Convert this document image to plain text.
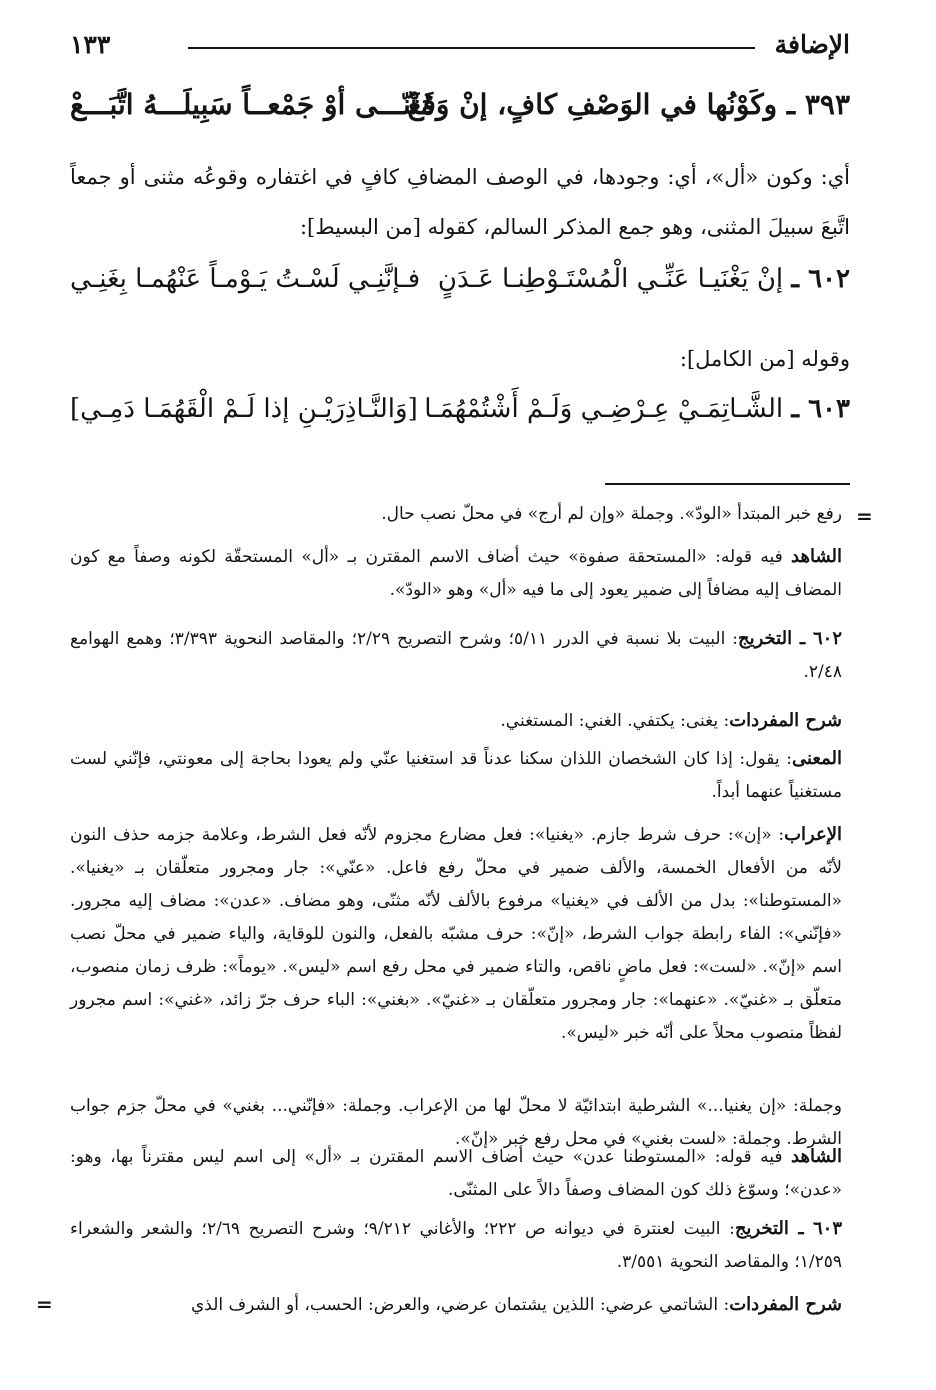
الإضافة
١٣٣
٣٩٣ ـ وكَوْنُها في الوَصْفِ كافٍ، إنْ وَقَعْ
مُثَنّـــى أوْ جَمْعــاً سَبِيلَـــهُ اتَّبَـــعْ
أي: وكون «أل»، أي: وجودها، في الوصف المضافِ كافٍ في اغتفاره وقوعُه مثنى أو جمعاً اتَّبعَ سبيلَ المثنى، وهو جمع المذكر السالم، كقوله [من البسيط]:
٦٠٢ ـ إنْ يَغْنَيـا عَنِّـي الْمُسْتَـوْطِنـا عَـدَنٍ
فـإنَّنِـي لَسْـتُ يَـوْمـاً عَنْهُمـا بِغَنِـي
وقوله [من الكامل]:
٦٠٣ ـ الشَّـاتِمَـيْ عِـرْضِـي وَلَـمْ أَشْتُمْهُمَـا
[وَالنَّـاذِرَيْـنِ إذا لَـمْ الْقَهُمَـا دَمِـي]
=
رفع خبر المبتدأ «الودّ». وجملة «وإن لم أرج» في محلّ نصب حال.
الشاهد فيه قوله: «المستحقة صفوة» حيث أضاف الاسم المقترن بـ «أل» المستحقّة لكونه وصفاً مع كون المضاف إليه مضافاً إلى ضمير يعود إلى ما فيه «أل» وهو «الودّ».
٦٠٢ ـ التخريج: البيت بلا نسبة في الدرر ٥/١١؛ وشرح التصريح ٢/٢٩؛ والمقاصد النحوية ٣/٣٩٣؛ وهمع الهوامع ٢/٤٨.
شرح المفردات: يغنى: يكتفي. الغني: المستغني.
المعنى: يقول: إذا كان الشخصان اللذان سكنا عدناً قد استغنيا عنّي ولم يعودا بحاجة إلى معونتي، فإنّني لست مستغنياً عنهما أبداً.
الإعراب: «إن»: حرف شرط جازم. «يغنيا»: فعل مضارع مجزوم لأنّه فعل الشرط، وعلامة جزمه حذف النون لأنّه من الأفعال الخمسة، والألف ضمير في محلّ رفع فاعل. «عنّي»: جار ومجرور متعلّقان بـ «يغنيا». «المستوطنا»: بدل من الألف في «يغنيا» مرفوع بالألف لأنّه مثنّى، وهو مضاف. «عدن»: مضاف إليه مجرور. «فإنّني»: الفاء رابطة جواب الشرط، «إنّ»: حرف مشبّه بالفعل، والنون للوقاية، والياء ضمير في محلّ نصب اسم «إنّ». «لست»: فعل ماضٍ ناقص، والتاء ضمير في محل رفع اسم «ليس». «يوماً»: ظرف زمان منصوب، متعلّق بـ «غنيّ». «عنهما»: جار ومجرور متعلّقان بـ «غنيّ». «بغني»: الباء حرف جرّ زائد، «غني»: اسم مجرور لفظاً منصوب محلاً على أنّه خبر «ليس».
وجملة: «إن يغنيا...» الشرطية ابتدائيّة لا محلّ لها من الإعراب. وجملة: «فإنّني... بغني» في محلّ جزم جواب الشرط. وجملة: «لست بغني» في محل رفع خبر «إنّ».
الشاهد فيه قوله: «المستوطنا عدن» حيث أضاف الاسم المقترن بـ «أل» إلى اسم ليس مقترناً بها، وهو: «عدن»؛ وسوّغ ذلك كون المضاف وصفاً دالاً على المثنّى.
٦٠٣ ـ التخريج: البيت لعنترة في ديوانه ص ٢٢٢؛ والأغاني ٩/٢١٢؛ وشرح التصريح ٢/٦٩؛ والشعر والشعراء ١/٢٥٩؛ والمقاصد النحوية ٣/٥٥١.
شرح المفردات: الشاتمي عرضي: اللذين يشتمان عرضي، والعرض: الحسب، أو الشرف الذي
=
